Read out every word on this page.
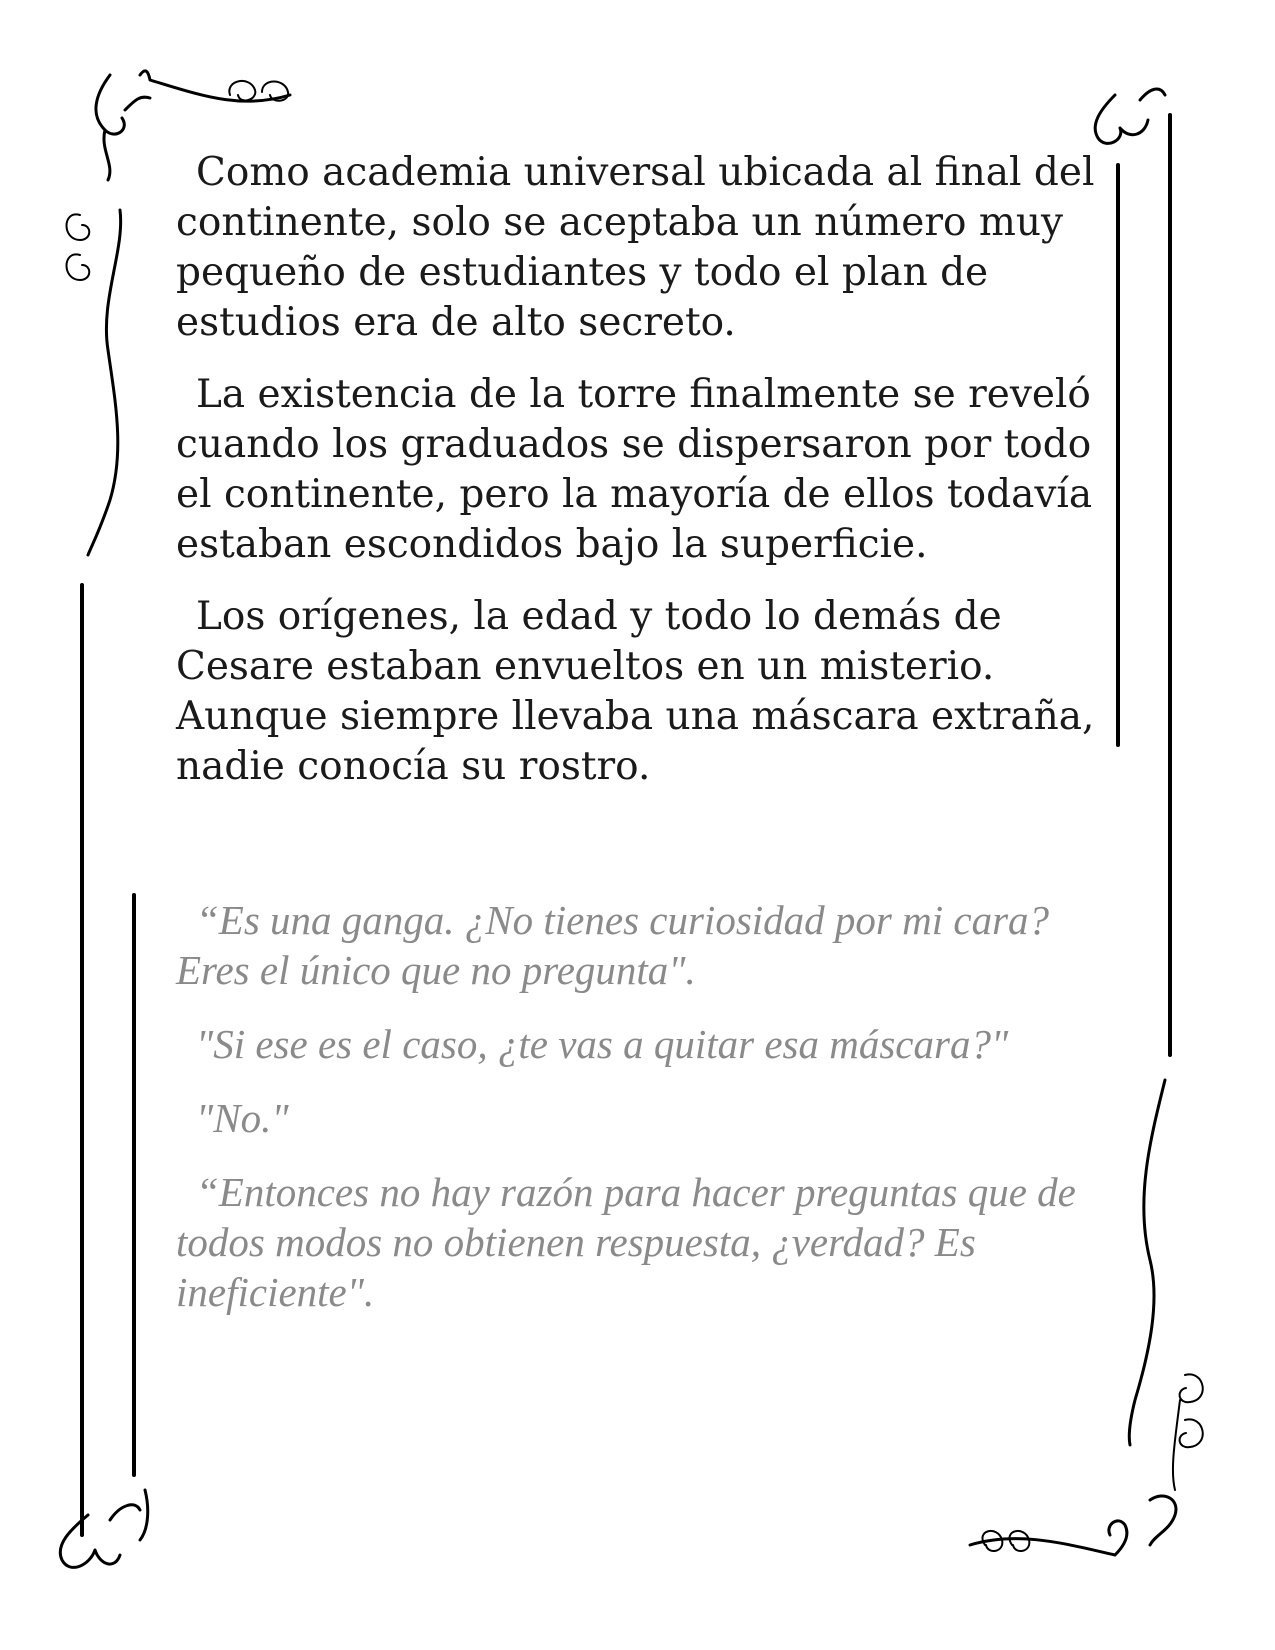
Como academia universal ubicada al final del continente, solo se aceptaba un número muy pequeño de estudiantes y todo el plan de estudios era de alto secreto.

La existencia de la torre finalmente se reveló cuando los graduados se dispersaron por todo el continente, pero la mayoría de ellos todavía estaban escondidos bajo la superficie.

Los orígenes, la edad y todo lo demás de Cesare estaban envueltos en un misterio. Aunque siempre llevaba una máscara extraña, nadie conocía su rostro.

“Es una ganga. ¿No tienes curiosidad por mi cara? Eres el único que no pregunta".

"Si ese es el caso, ¿te vas a quitar esa máscara?"

"No."

“Entonces no hay razón para hacer preguntas que de todos modos no obtienen respuesta, ¿verdad? Es ineficiente".
